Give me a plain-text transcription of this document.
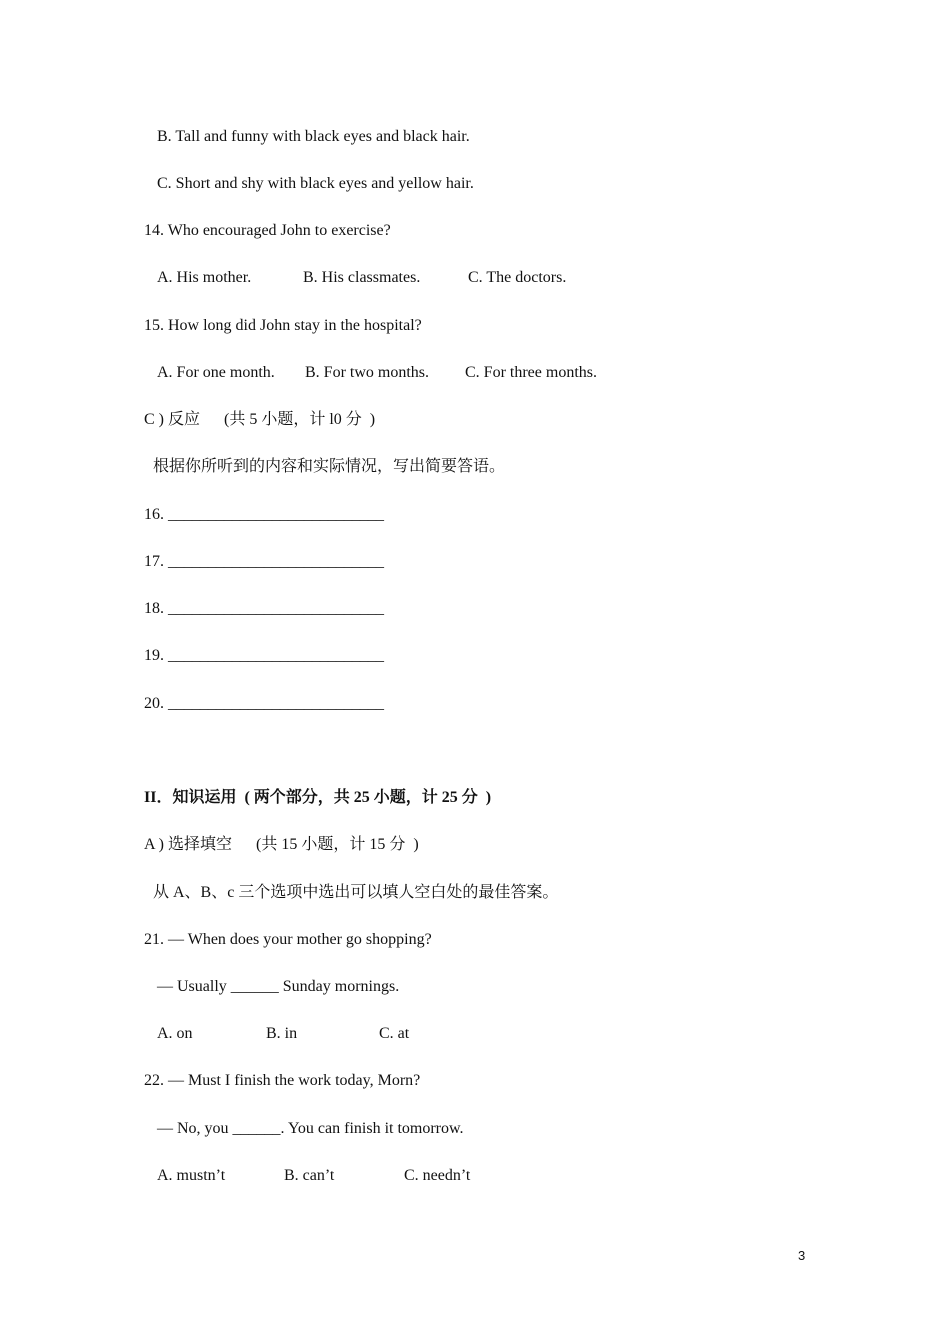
B. Tall and funny with black eyes and black hair.
C. Short and shy with black eyes and yellow hair.
14. Who encouraged John to exercise?
A. His mother.	B. His classmates.	C. The doctors.
15. How long did John stay in the hospital?
A. For one month. B. For two months. C. For three months.
C ) 反应      (共 5 小题，计 l0 分  )
根据你所听到的内容和实际情况，写出简要答语。
16. ___________________________
17. ___________________________
18. ___________________________
19. ___________________________
20. ___________________________
II．知识运用  ( 两个部分，共 25 小题，计 25 分  )
A ) 选择填空      (共 15 小题，计 15 分  )
从 A、B、c 三个选项中选出可以填人空白处的最佳答案。
21. — When does your mother go shopping?
— Usually ______ Sunday mornings.
A. on	B. in	C. at
22. — Must I finish the work today, Morn?
— No, you ______. You can finish it tomorrow.
A. mustn’t	B. can’t	C. needn’t
3
